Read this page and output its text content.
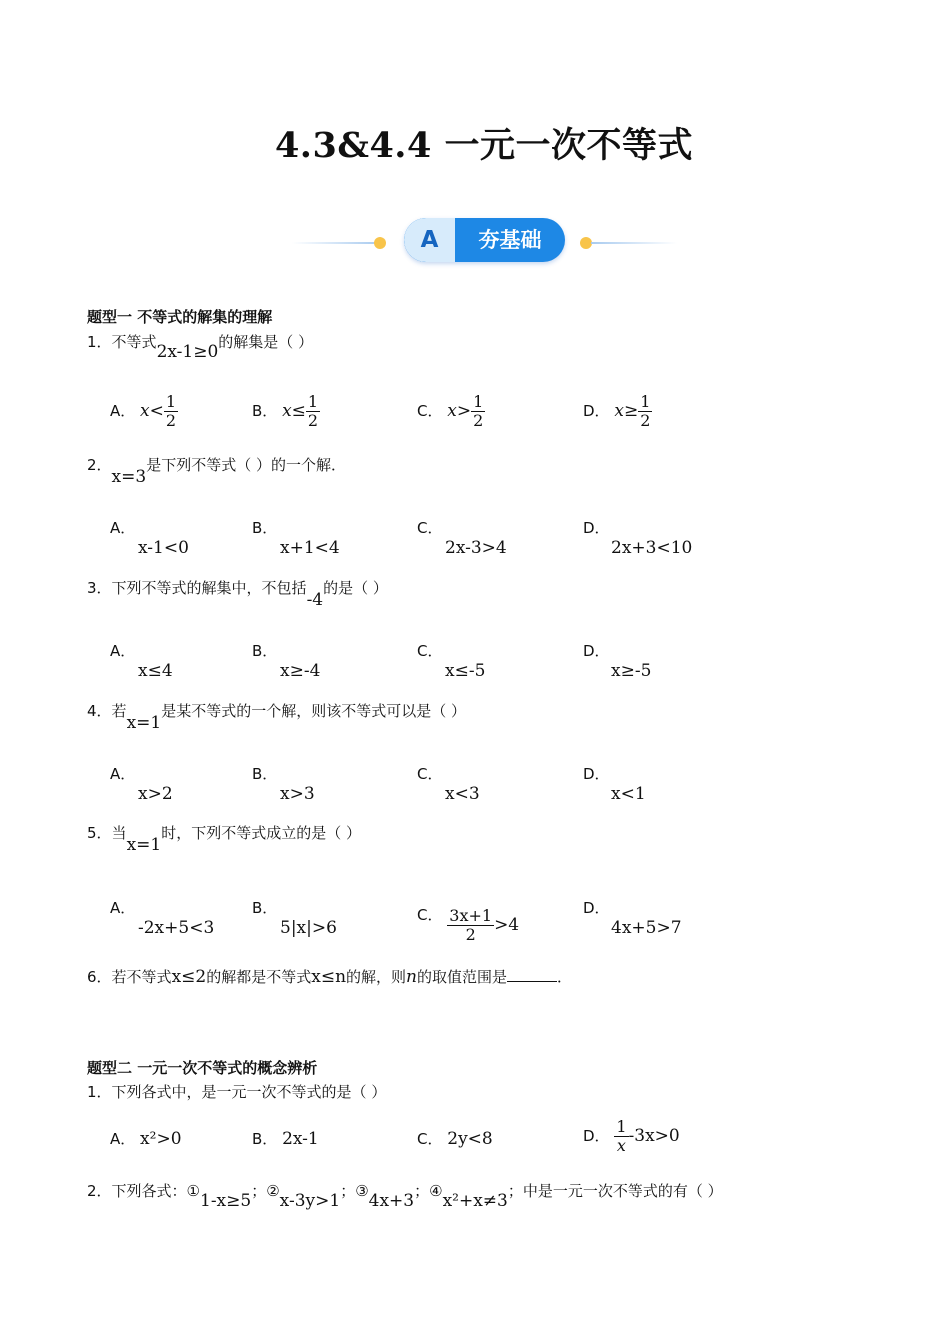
4.3&4.4 一元一次不等式
A	夯基础
题型一 不等式的解集的理解
1．不等式2x-1≥0的解集是（ ）
A． $x< \frac{1}{2}$	B． $x\le \frac{1}{2}$	C． $x> \frac{1}{2}$	D． $x\ge \frac{1}{2}$
2．x=3是下列不等式（ ）的一个解．
A．
x-1<0
B．
x+1<4
C．
2x-3>4
D．
2x+3<10
3．下列不等式的解集中，不包括-4的是（ ）
A．
x≤4
B．
x≥-4
C．
x≤-5
D．
x≥-5
4．若x=1是某不等式的一个解，则该不等式可以是（ ）
A．
x>2
B．
x>3
C．
x<3
D．
x<1
5．当x=1时，下列不等式成立的是（ ）
A．
-2x+5<3
B．
5|x|>6
C． $\frac{3x+1}{2} >4$
D．
4x+5>7
6．若不等式x≤2的解都是不等式x≤n的解，则n的取值范围是	．
题型二 一元一次不等式的概念辨析
1．下列各式中，是一元一次不等式的是（ ）
A． x²>0	B． 2x-1	C． 2y<8	D． $\frac{1}{x} -3x>0$
2．下列各式：①1-x≥5；②x-3y>1；③4x+3；④x²+x≠3；中是一元一次不等式的有（ ）
